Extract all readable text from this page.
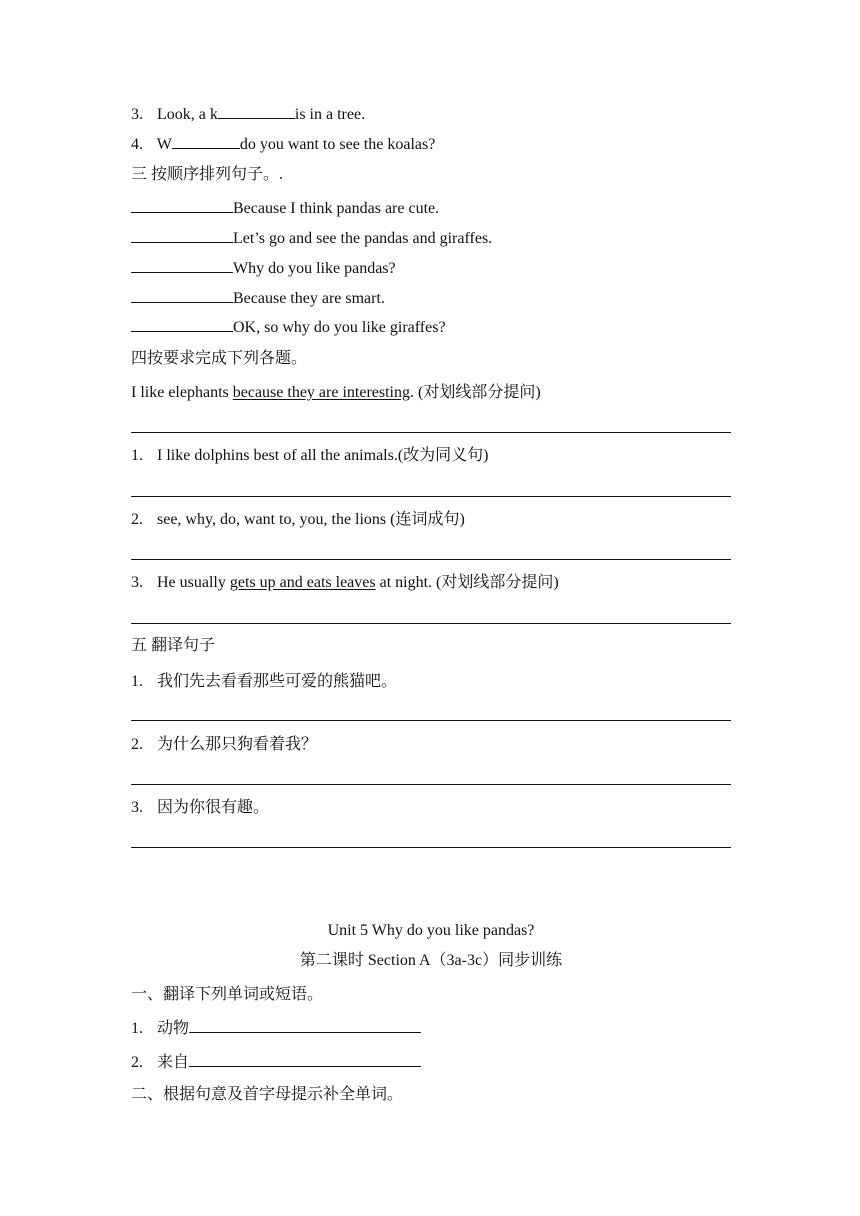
3. Look, a k	is in a tree.
4. W	do you want to see the koalas?
三 按顺序排列句子。.
Because I think pandas are cute.
Let’s go and see the pandas and giraffes.
Why do you like pandas?
Because they are smart.
OK, so why do you like giraffes?
四按要求完成下列各题。
I like elephants because they are interesting. (对划线部分提问)
1. I like dolphins best of all the animals.(改为同义句)
2. see, why, do, want to, you, the lions (连词成句)
3. He usually gets up and eats leaves at night. (对划线部分提问)
五 翻译句子
1. 我们先去看看那些可爱的熊猫吧。
2. 为什么那只狗看着我？
3. 因为你很有趣。
Unit 5 Why do you like pandas?
第二课时 Section A（3a-3c）同步训练
一、翻译下列单词或短语。
1. 动物
2. 来自
二、根据句意及首字母提示补全单词。
